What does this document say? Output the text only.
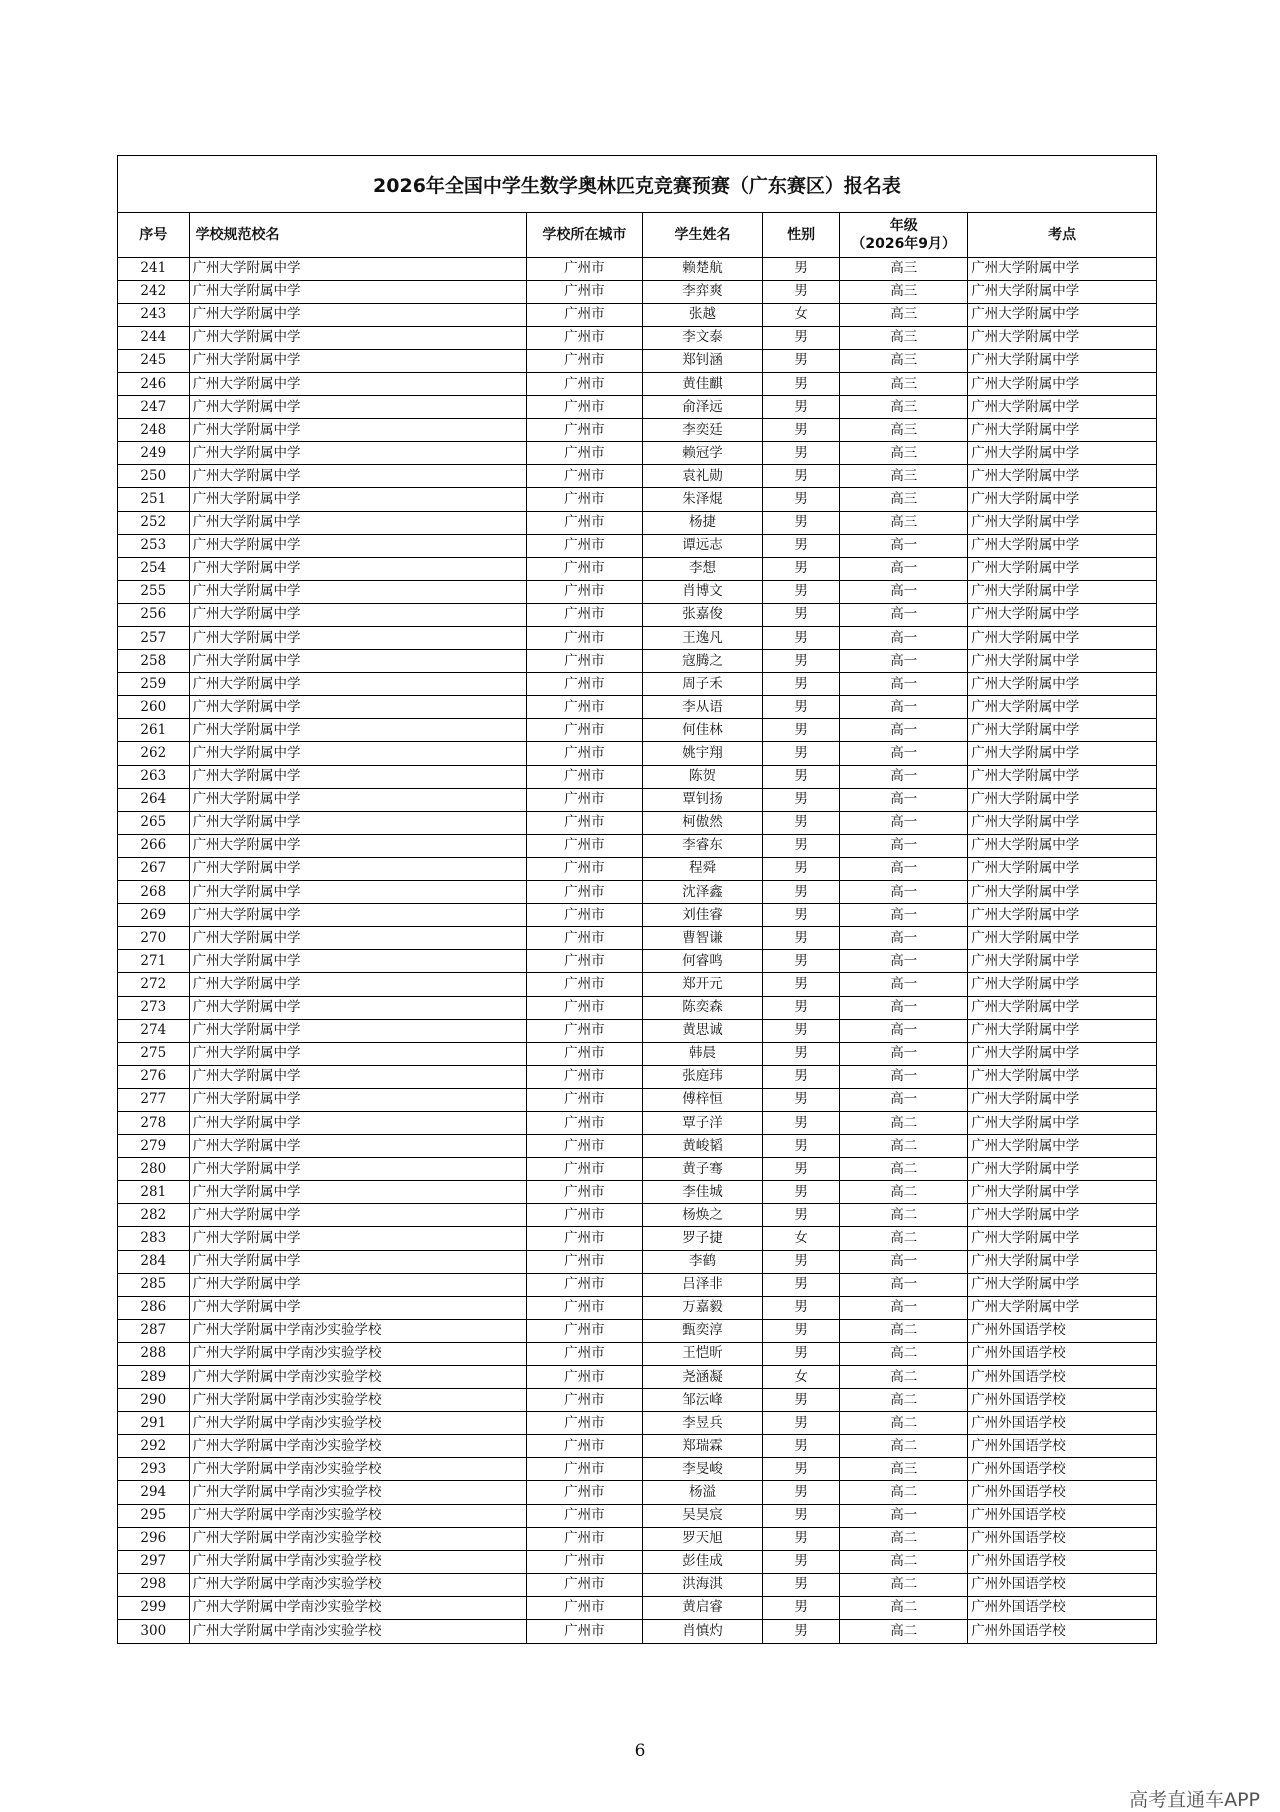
2026年全国中学生数学奥林匹克竞赛预赛（广东赛区）报名表
序号	学校规范校名	学校所在城市	学生姓名	性别	年级
（2026年9月）	考点
241	广州大学附属中学	广州市	赖楚航	男	高三	广州大学附属中学
242	广州大学附属中学	广州市	李弈爽	男	高三	广州大学附属中学
243	广州大学附属中学	广州市	张越	女	高三	广州大学附属中学
244	广州大学附属中学	广州市	李文泰	男	高三	广州大学附属中学
245	广州大学附属中学	广州市	郑钊涵	男	高三	广州大学附属中学
246	广州大学附属中学	广州市	黄佳麒	男	高三	广州大学附属中学
247	广州大学附属中学	广州市	俞泽远	男	高三	广州大学附属中学
248	广州大学附属中学	广州市	李奕廷	男	高三	广州大学附属中学
249	广州大学附属中学	广州市	赖冠学	男	高三	广州大学附属中学
250	广州大学附属中学	广州市	袁礼勋	男	高三	广州大学附属中学
251	广州大学附属中学	广州市	朱泽焜	男	高三	广州大学附属中学
252	广州大学附属中学	广州市	杨捷	男	高三	广州大学附属中学
253	广州大学附属中学	广州市	谭远志	男	高一	广州大学附属中学
254	广州大学附属中学	广州市	李想	男	高一	广州大学附属中学
255	广州大学附属中学	广州市	肖博文	男	高一	广州大学附属中学
256	广州大学附属中学	广州市	张嘉俊	男	高一	广州大学附属中学
257	广州大学附属中学	广州市	王逸凡	男	高一	广州大学附属中学
258	广州大学附属中学	广州市	寇腾之	男	高一	广州大学附属中学
259	广州大学附属中学	广州市	周子禾	男	高一	广州大学附属中学
260	广州大学附属中学	广州市	李从语	男	高一	广州大学附属中学
261	广州大学附属中学	广州市	何佳林	男	高一	广州大学附属中学
262	广州大学附属中学	广州市	姚宇翔	男	高一	广州大学附属中学
263	广州大学附属中学	广州市	陈贺	男	高一	广州大学附属中学
264	广州大学附属中学	广州市	覃钊扬	男	高一	广州大学附属中学
265	广州大学附属中学	广州市	柯傲然	男	高一	广州大学附属中学
266	广州大学附属中学	广州市	李睿东	男	高一	广州大学附属中学
267	广州大学附属中学	广州市	程舜	男	高一	广州大学附属中学
268	广州大学附属中学	广州市	沈泽鑫	男	高一	广州大学附属中学
269	广州大学附属中学	广州市	刘佳睿	男	高一	广州大学附属中学
270	广州大学附属中学	广州市	曹智谦	男	高一	广州大学附属中学
271	广州大学附属中学	广州市	何睿鸣	男	高一	广州大学附属中学
272	广州大学附属中学	广州市	郑开元	男	高一	广州大学附属中学
273	广州大学附属中学	广州市	陈奕森	男	高一	广州大学附属中学
274	广州大学附属中学	广州市	黄思诚	男	高一	广州大学附属中学
275	广州大学附属中学	广州市	韩晨	男	高一	广州大学附属中学
276	广州大学附属中学	广州市	张庭玮	男	高一	广州大学附属中学
277	广州大学附属中学	广州市	傅梓恒	男	高一	广州大学附属中学
278	广州大学附属中学	广州市	覃子洋	男	高二	广州大学附属中学
279	广州大学附属中学	广州市	黄峻韬	男	高二	广州大学附属中学
280	广州大学附属中学	广州市	黄子骞	男	高二	广州大学附属中学
281	广州大学附属中学	广州市	李佳城	男	高二	广州大学附属中学
282	广州大学附属中学	广州市	杨焕之	男	高二	广州大学附属中学
283	广州大学附属中学	广州市	罗子捷	女	高二	广州大学附属中学
284	广州大学附属中学	广州市	李鹤	男	高一	广州大学附属中学
285	广州大学附属中学	广州市	吕泽非	男	高一	广州大学附属中学
286	广州大学附属中学	广州市	万嘉毅	男	高一	广州大学附属中学
287	广州大学附属中学南沙实验学校	广州市	甄奕淳	男	高二	广州外国语学校
288	广州大学附属中学南沙实验学校	广州市	王恺昕	男	高二	广州外国语学校
289	广州大学附属中学南沙实验学校	广州市	尧涵凝	女	高二	广州外国语学校
290	广州大学附属中学南沙实验学校	广州市	邹沄峰	男	高二	广州外国语学校
291	广州大学附属中学南沙实验学校	广州市	李昱兵	男	高二	广州外国语学校
292	广州大学附属中学南沙实验学校	广州市	郑瑞霖	男	高二	广州外国语学校
293	广州大学附属中学南沙实验学校	广州市	李旻峻	男	高三	广州外国语学校
294	广州大学附属中学南沙实验学校	广州市	杨溢	男	高二	广州外国语学校
295	广州大学附属中学南沙实验学校	广州市	吴昊宸	男	高一	广州外国语学校
296	广州大学附属中学南沙实验学校	广州市	罗天旭	男	高二	广州外国语学校
297	广州大学附属中学南沙实验学校	广州市	彭佳成	男	高二	广州外国语学校
298	广州大学附属中学南沙实验学校	广州市	洪海淇	男	高二	广州外国语学校
299	广州大学附属中学南沙实验学校	广州市	黄启睿	男	高二	广州外国语学校
300	广州大学附属中学南沙实验学校	广州市	肖慎灼	男	高二	广州外国语学校
6
高考直通车APP
